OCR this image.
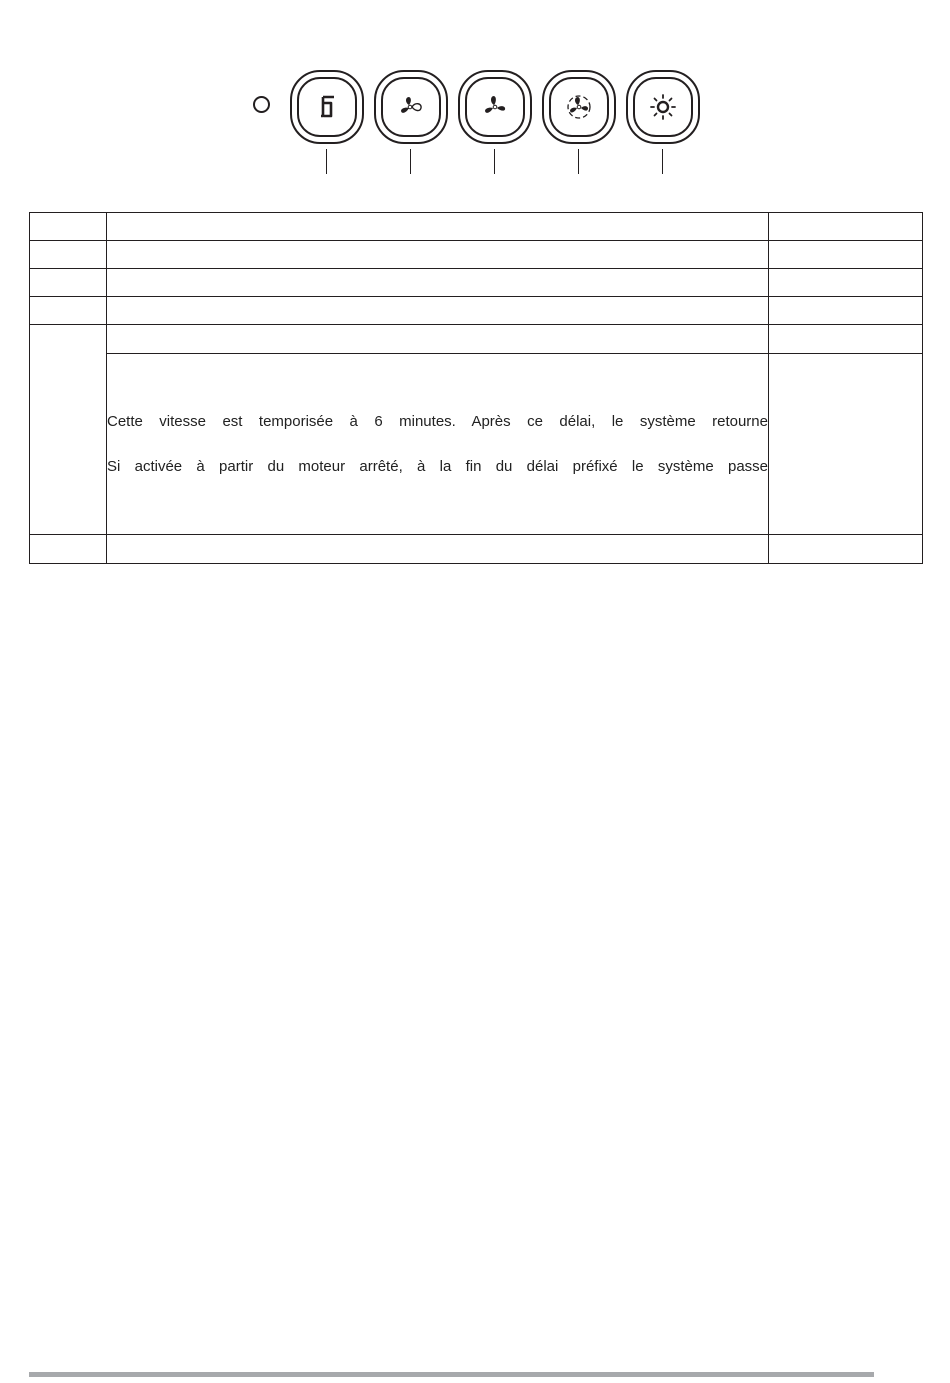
	Cette vitesse est temporisée à 6 minutes. Après ce délai, le système retourne

Si activée à partir du moteur arrêté, à la fin du délai préfixé le système passe	
